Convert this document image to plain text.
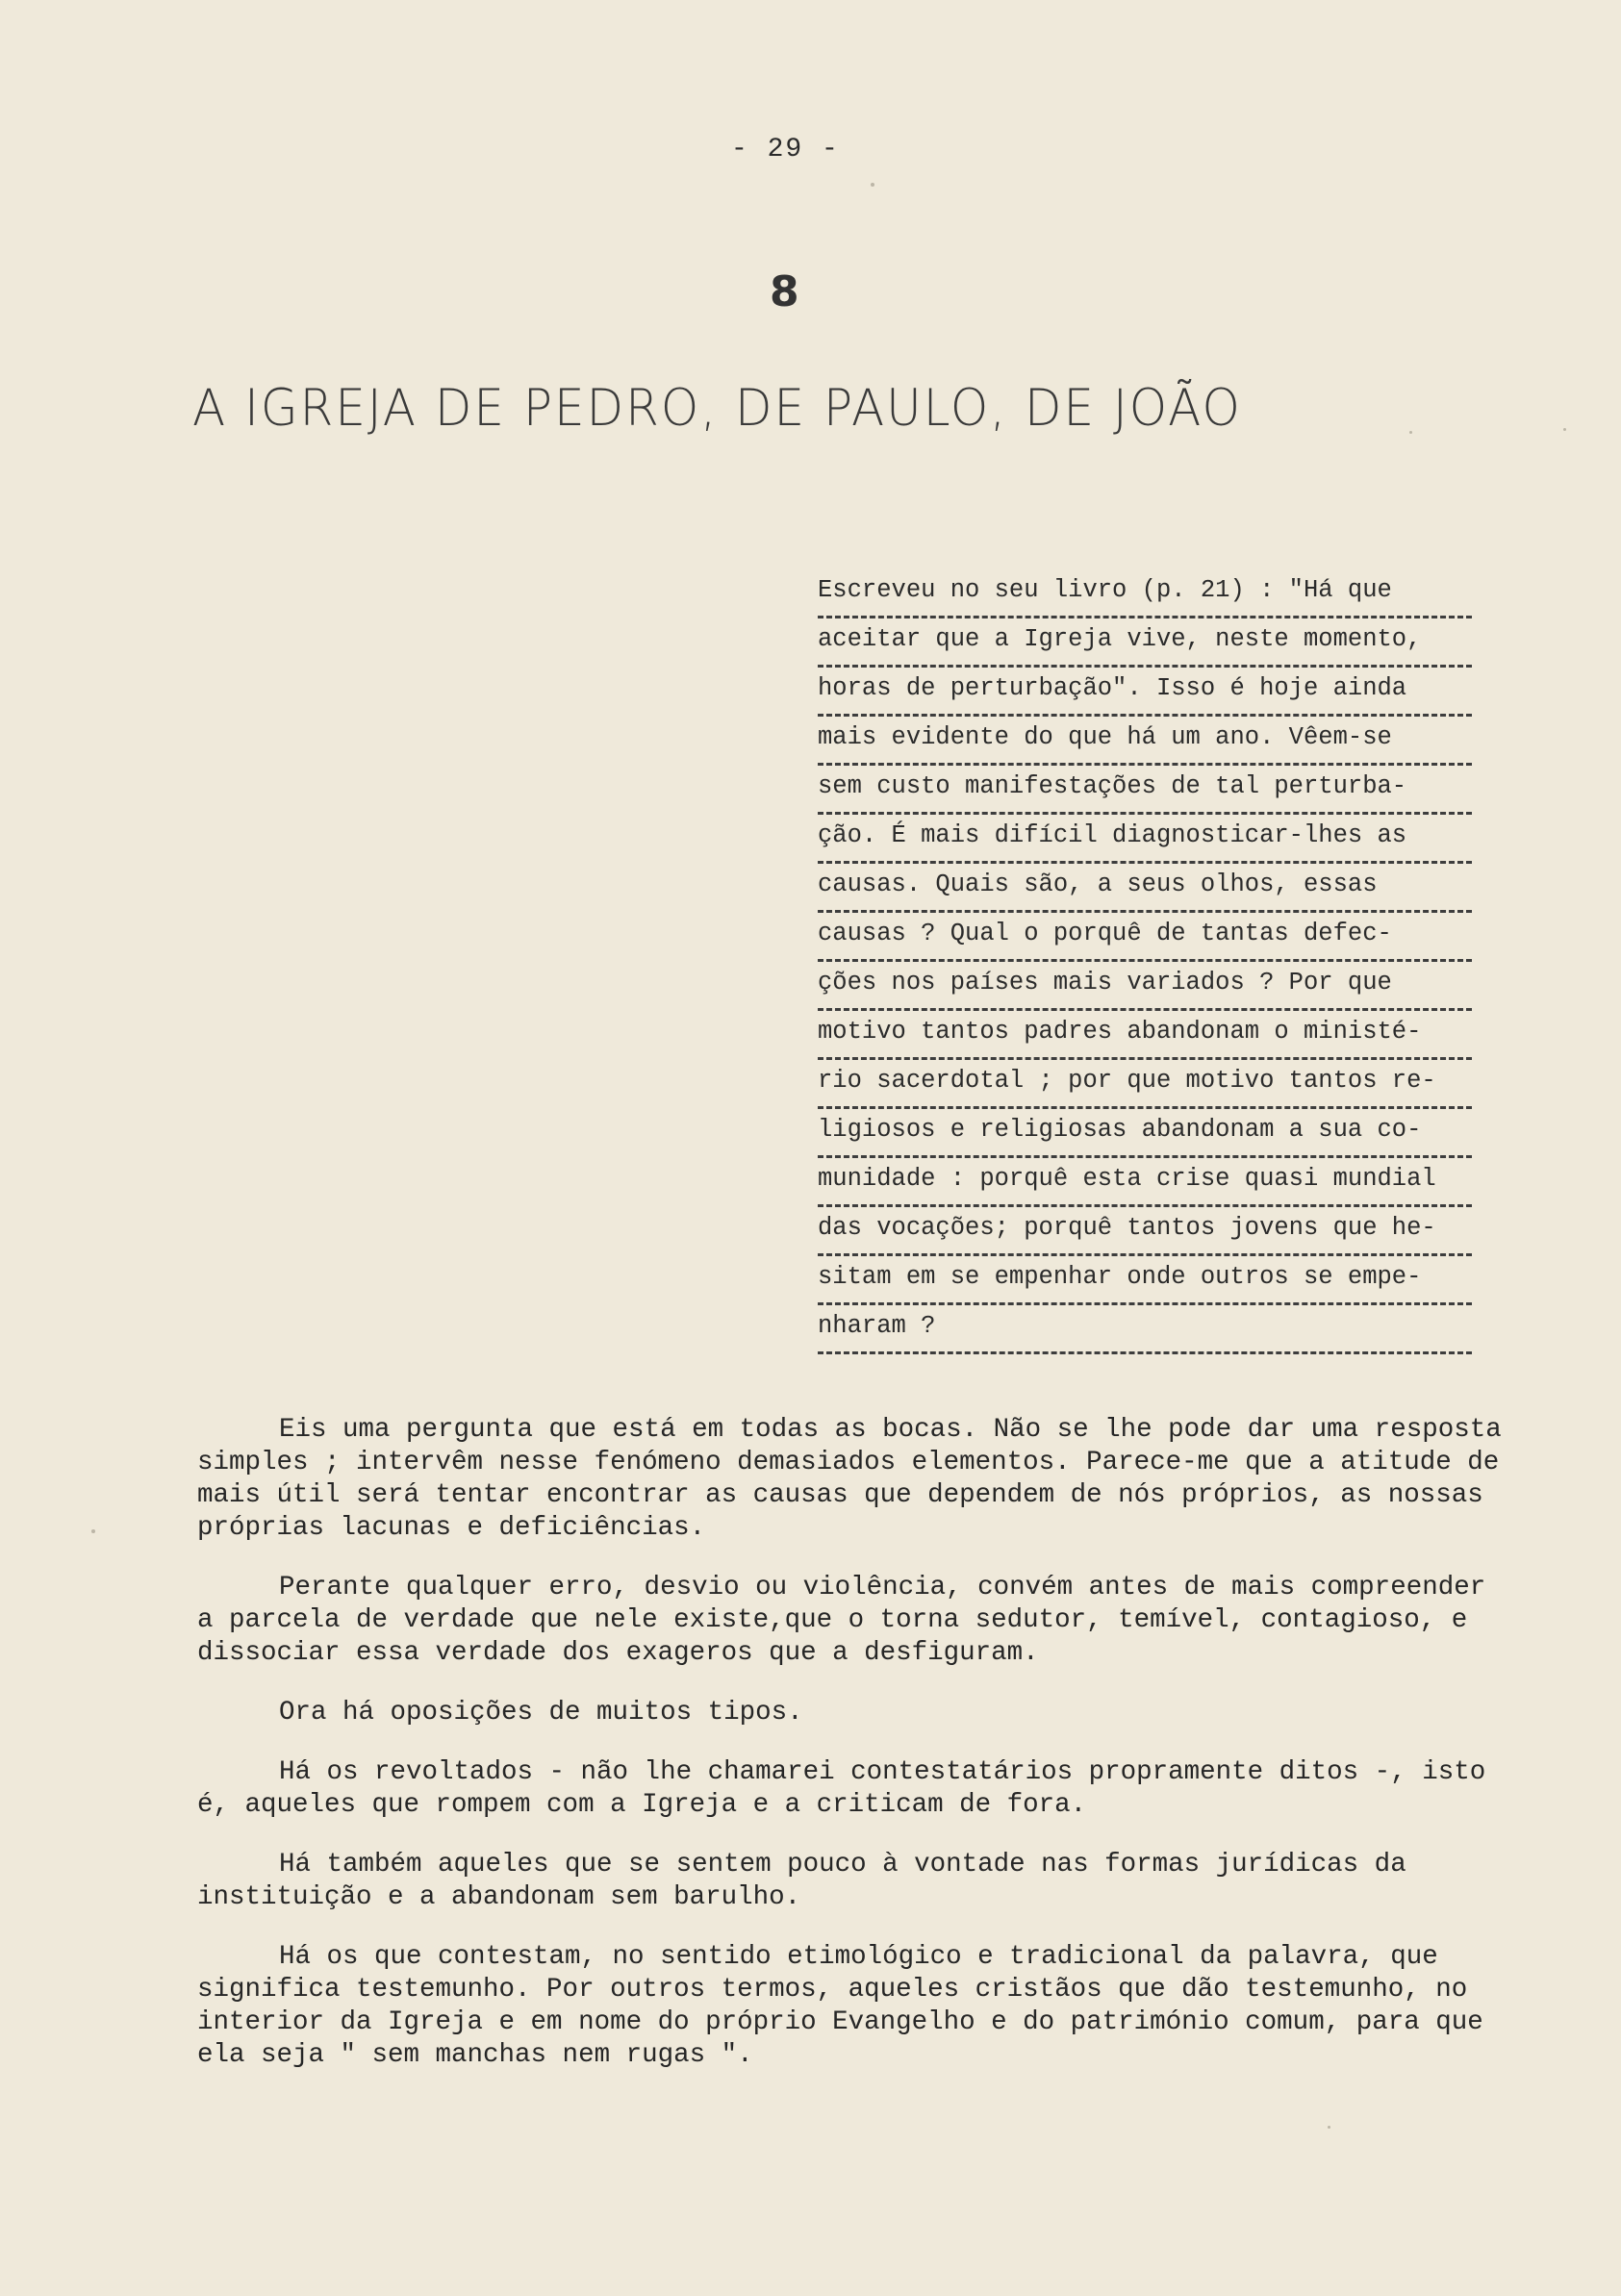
- 29 -
8
A IGREJA DE PEDRO, DE PAULO, DE JOÃO
Escreveu no seu livro (p. 21) : "Há que
aceitar que a Igreja vive, neste momento,
horas de perturbação". Isso é hoje ainda
mais evidente do que há um ano. Vêem-se
sem custo manifestações de tal perturba-
ção. É mais difícil diagnosticar-lhes as
causas. Quais são, a seus olhos, essas
causas ? Qual o porquê de tantas defec-
ções nos países mais variados ? Por que
motivo tantos padres abandonam o ministé-
rio sacerdotal ; por que motivo tantos re-
ligiosos e religiosas abandonam a sua co-
munidade : porquê esta crise quasi mundial
das vocações; porquê tantos jovens que he-
sitam em se empenhar onde outros se empe-
nharam ?

Eis uma pergunta que está em todas as bocas. Não se lhe pode dar uma resposta simples ; intervêm nesse fenómeno demasiados elementos. Parece-me que a atitude de mais útil será tentar encontrar as causas que dependem de nós próprios, as nossas próprias lacunas e deficiências.

Perante qualquer erro, desvio ou violência, convém antes de mais compreender a parcela de verdade que nele existe,que o torna sedutor, temível, contagioso, e dissociar essa verdade dos exageros que a desfiguram.

Ora há oposições de muitos tipos.

Há os revoltados - não lhe chamarei contestatários propramente ditos -, isto é, aqueles que rompem com a Igreja e a criticam de fora.

Há também aqueles que se sentem pouco à vontade nas formas jurídicas da instituição e a abandonam sem barulho.

Há os que contestam, no sentido etimológico e tradicional da palavra, que significa testemunho. Por outros termos, aqueles cristãos que dão testemunho, no interior da Igreja e em nome do próprio Evangelho e do património comum, para que ela seja " sem manchas nem rugas ".
